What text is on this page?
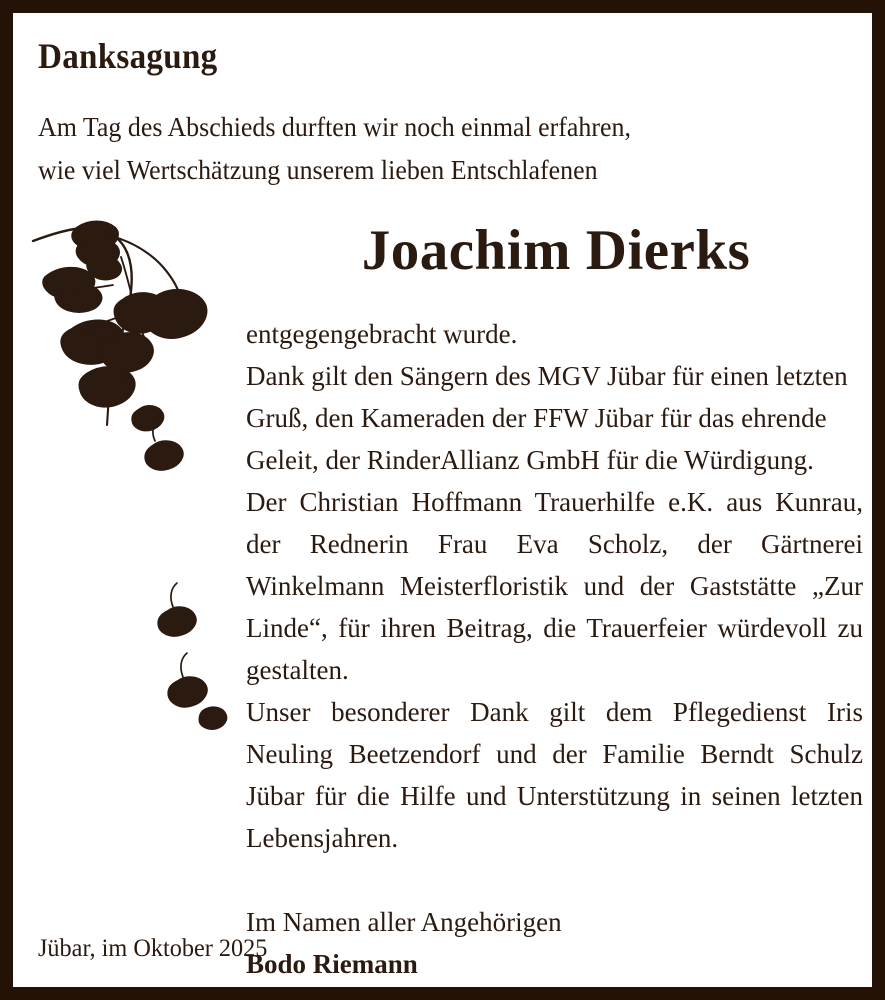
Danksagung
Am Tag des Abschieds durften wir noch einmal erfahren,
wie viel Wertschätzung unserem lieben Entschlafenen
Joachim Dierks

entgegengebracht wurde.

Dank gilt den Sängern des MGV Jübar für einen letzten Gruß, den Kameraden der FFW Jübar für das ehrende Geleit, der RinderAllianz GmbH für die Würdigung.

Der Christian Hoffmann Trauerhilfe e.K. aus Kunrau, der Rednerin Frau Eva Scholz, der Gärtnerei Winkelmann Meisterfloristik und der Gaststätte „Zur Linde“, für ihren Beitrag, die Trauerfeier würdevoll zu gestalten.

Unser besonderer Dank gilt dem Pflegedienst Iris Neuling Beetzendorf und der Familie Berndt Schulz Jübar für die Hilfe und Unterstützung in seinen letzten Lebensjahren.

Im Namen aller Angehörigen

Bodo Riemann

Jübar, im Oktober 2025
